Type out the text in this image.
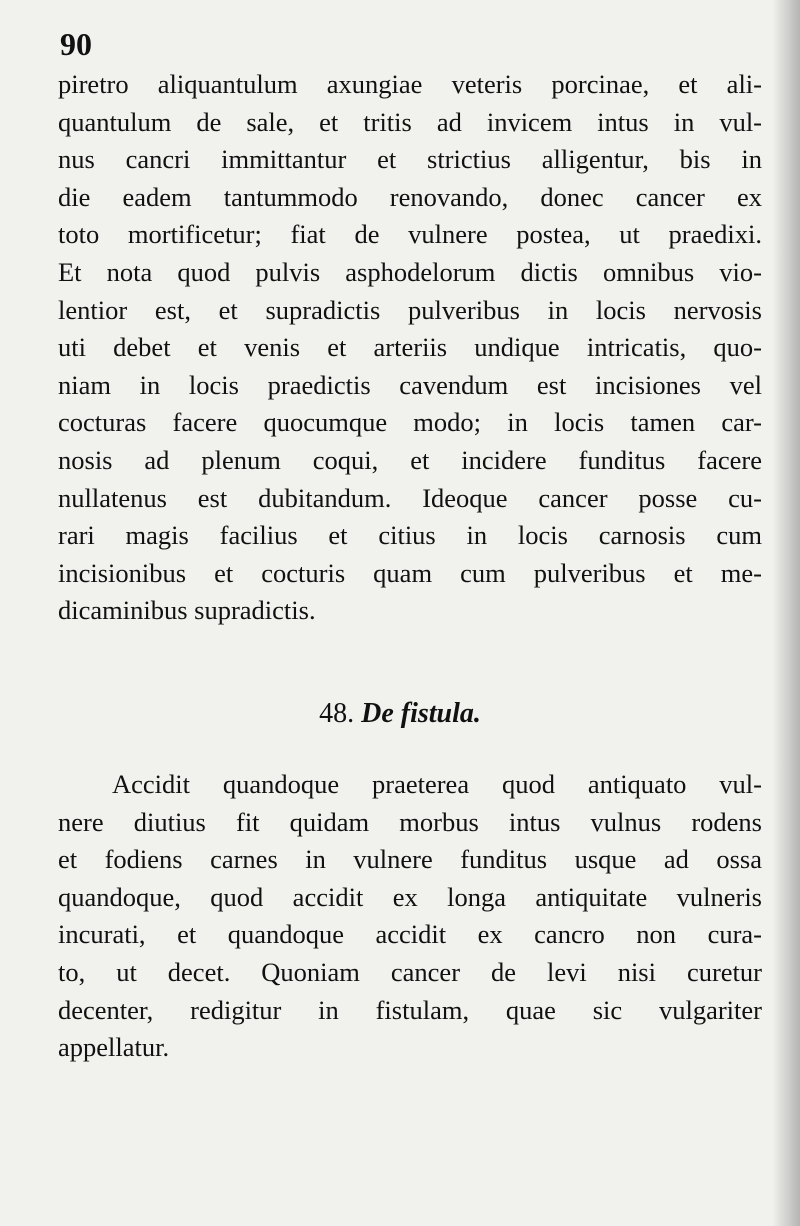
90
piretro aliquantulum axungiae veteris porcinae, et ali-
quantulum de sale, et tritis ad invicem intus in vul-
nus cancri immittantur et strictius alligentur, bis in
die eadem tantummodo renovando, donec cancer ex
toto mortificetur; fiat de vulnere postea, ut praedixi.
Et nota quod pulvis asphodelorum dictis omnibus vio-
lentior est, et supradictis pulveribus in locis nervosis
uti debet et venis et arteriis undique intricatis, quo-
niam in locis praedictis cavendum est incisiones vel
cocturas facere quocumque modo; in locis tamen car-
nosis ad plenum coqui, et incidere funditus facere
nullatenus est dubitandum. Ideoque cancer posse cu-
rari magis facilius et citius in locis carnosis cum
incisionibus et cocturis quam cum pulveribus et me-
dicaminibus supradictis.
48. De fistula.
Accidit quandoque praeterea quod antiquato vul-
nere diutius fit quidam morbus intus vulnus rodens
et fodiens carnes in vulnere funditus usque ad ossa
quandoque, quod accidit ex longa antiquitate vulneris
incurati, et quandoque accidit ex cancro non cura-
to, ut decet. Quoniam cancer de levi nisi curetur
decenter, redigitur in fistulam, quae sic vulgariter
appellatur.
